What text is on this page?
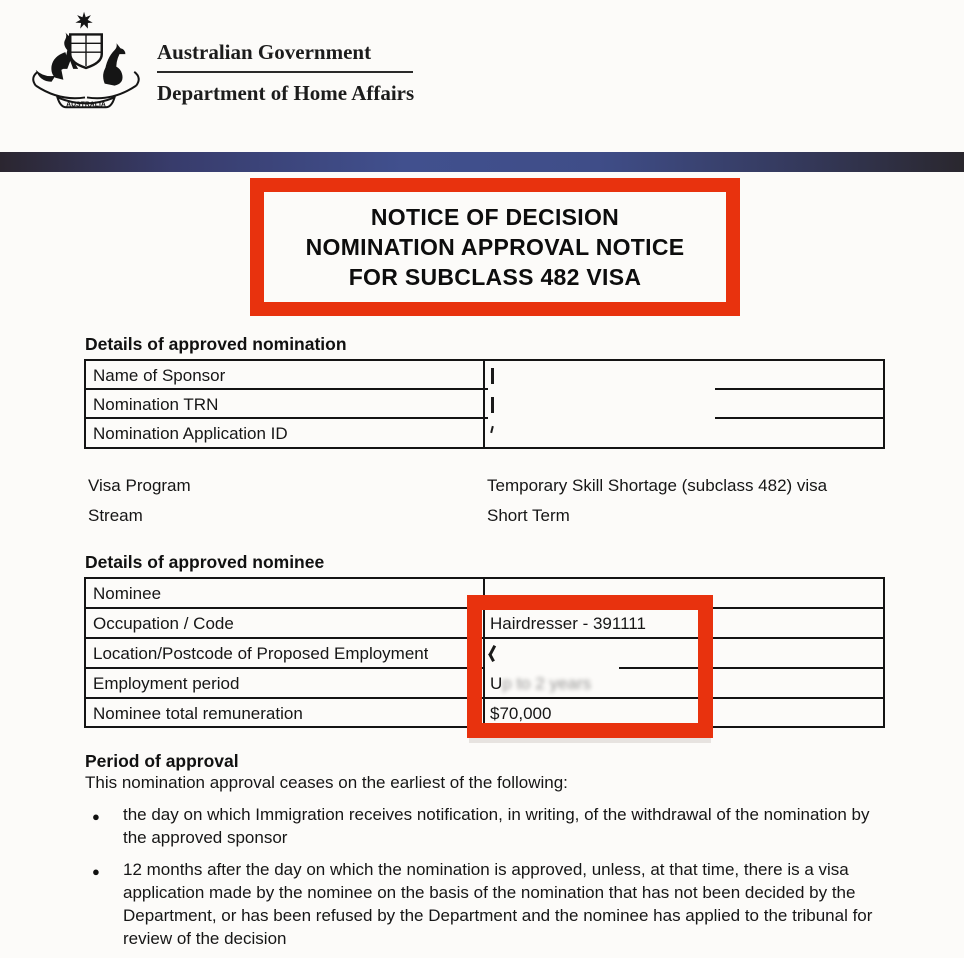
AUSTRALIA
Australian Government
Department of Home Affairs
NOTICE OF DECISION
NOMINATION APPROVAL NOTICE
FOR SUBCLASS 482 VISA
Details of approved nomination
Name of Sponsor
Nomination TRN
Nomination Application ID
Visa Program	Temporary Skill Shortage (subclass 482) visa
Stream	Short Term
Details of approved nominee
Nominee
Occupation / Code
Location/Postcode of Proposed Employment
Employment period
Nominee total remuneration
Hairdresser - 391111
Up to 2 years
$70,000
Period of approval
This nomination approval ceases on the earliest of the following:
● the day on which Immigration receives notification, in writing, of the withdrawal of the nomination by the approved sponsor
● 12 months after the day on which the nomination is approved, unless, at that time, there is a visa application made by the nominee on the basis of the nomination that has not been decided by the Department, or has been refused by the Department and the nominee has applied to the tribunal for review of the decision
